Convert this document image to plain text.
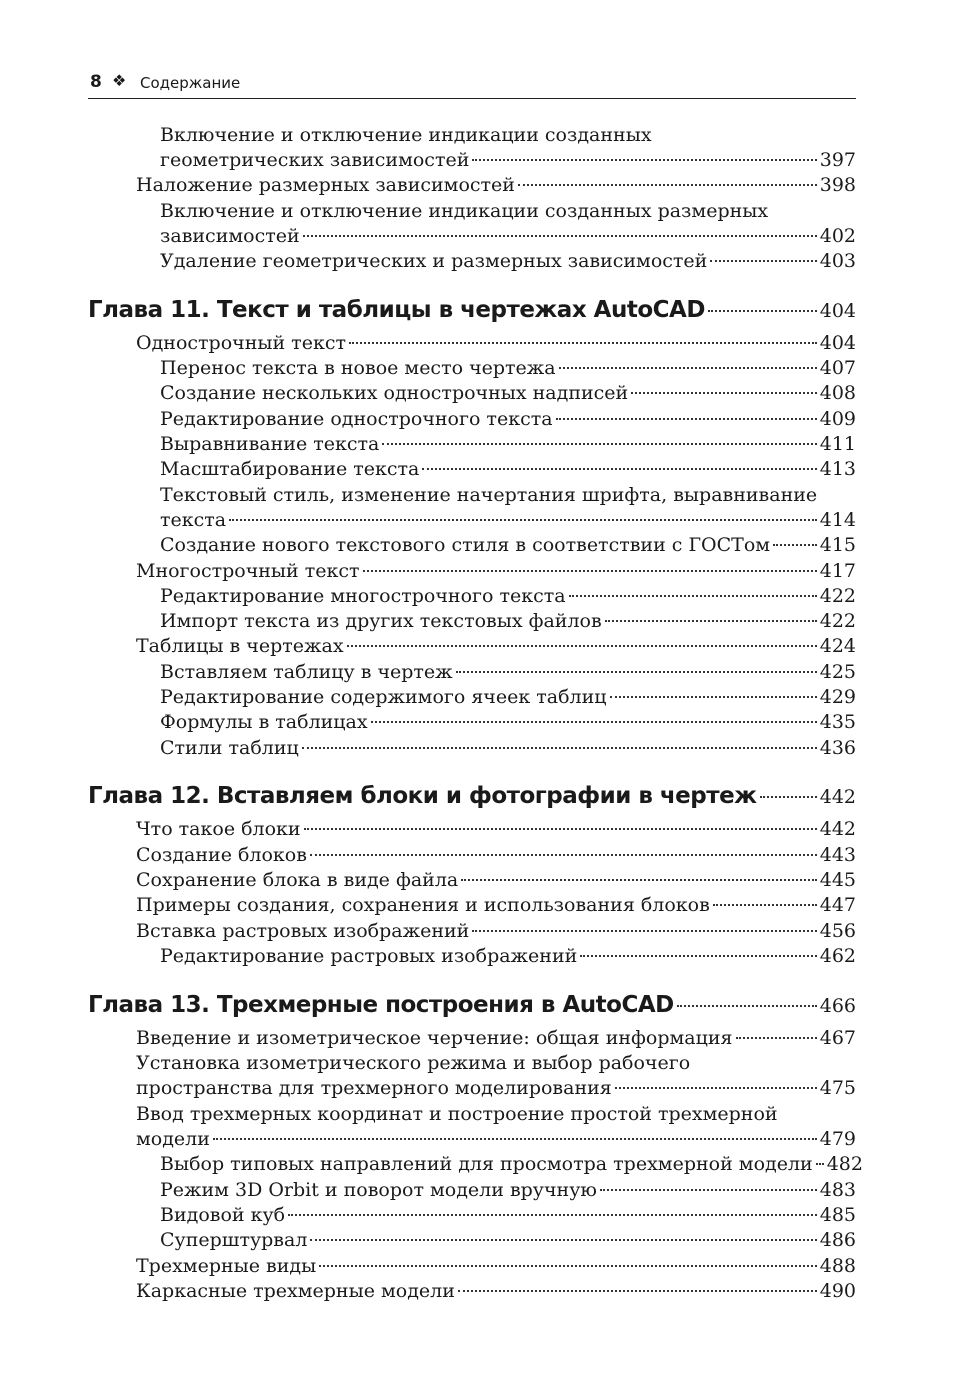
8 ❖ Содержание
Включение и отключение индикации созданных
геометрических зависимостей	397
Наложение размерных зависимостей	398
Включение и отключение индикации созданных размерных
зависимостей	402
Удаление геометрических и размерных зависимостей	403
Глава 11. Текст и таблицы в чертежах AutoCAD	404
Однострочный текст	404
Перенос текста в новое место чертежа	407
Создание нескольких однострочных надписей	408
Редактирование однострочного текста	409
Выравнивание текста	411
Масштабирование текста	413
Текстовый стиль, изменение начертания шрифта, выравнивание
текста	414
Создание нового текстового стиля в соответствии с ГОСТом	415
Многострочный текст	417
Редактирование многострочного текста	422
Импорт текста из других текстовых файлов	422
Таблицы в чертежах	424
Вставляем таблицу в чертеж	425
Редактирование содержимого ячеек таблиц	429
Формулы в таблицах	435
Стили таблиц	436
Глава 12. Вставляем блоки и фотографии в чертеж	442
Что такое блоки	442
Создание блоков	443
Сохранение блока в виде файла	445
Примеры создания, сохранения и использования блоков	447
Вставка растровых изображений	456
Редактирование растровых изображений	462
Глава 13. Трехмерные построения в AutoCAD	466
Введение и изометрическое черчение: общая информация	467
Установка изометрического режима и выбор рабочего
пространства для трехмерного моделирования	475
Ввод трехмерных координат и построение простой трехмерной
модели	479
Выбор типовых направлений для просмотра трехмерной модели 482
Режим 3D Orbit и поворот модели вручную	483
Видовой куб	485
Суперштурвал	486
Трехмерные виды	488
Каркасные трехмерные модели	490
